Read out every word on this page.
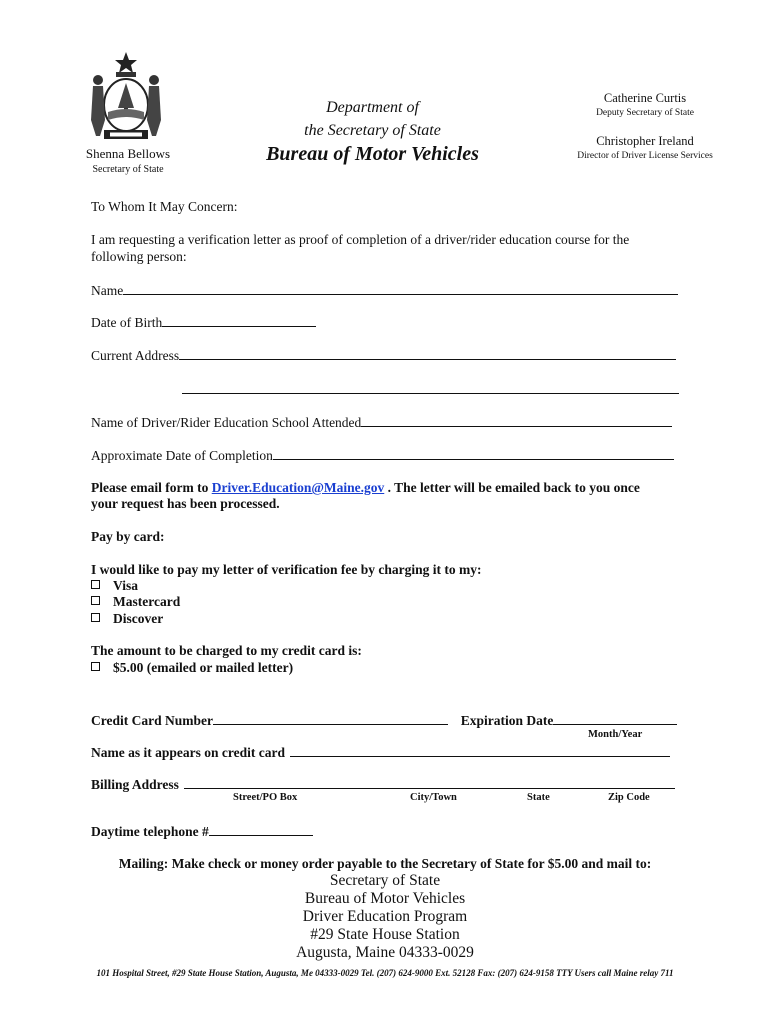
Shenna Bellows
Secretary of State
Department of
the Secretary of State
Bureau of Motor Vehicles
Catherine Curtis
Deputy Secretary of State
Christopher Ireland
Director of Driver License Services
To Whom It May Concern:
I am requesting a verification letter as proof of completion of a driver/rider education course for the
following person:
Name
Date of Birth
Current Address
Name of Driver/Rider Education School Attended
Approximate Date of Completion
Please email form to Driver.Education@Maine.gov . The letter will be emailed back to you once
your request has been processed.
Pay by card:
I would like to pay my letter of verification fee by charging it to my:
Visa
Mastercard
Discover
The amount to be charged to my credit card is:
$5.00 (emailed or mailed letter)
Credit Card Number	Expiration Date
Month/Year
Name as it appears on credit card
Billing Address
Street/PO Box	City/Town	State	Zip Code
Daytime telephone #
Mailing: Make check or money order payable to the Secretary of State for $5.00 and mail to:
Secretary of State
Bureau of Motor Vehicles
Driver Education Program
#29 State House Station
Augusta, Maine 04333-0029
101 Hospital Street, #29 State House Station, Augusta, Me 04333-0029 Tel. (207) 624-9000 Ext. 52128 Fax: (207) 624-9158 TTY Users call Maine relay 711
